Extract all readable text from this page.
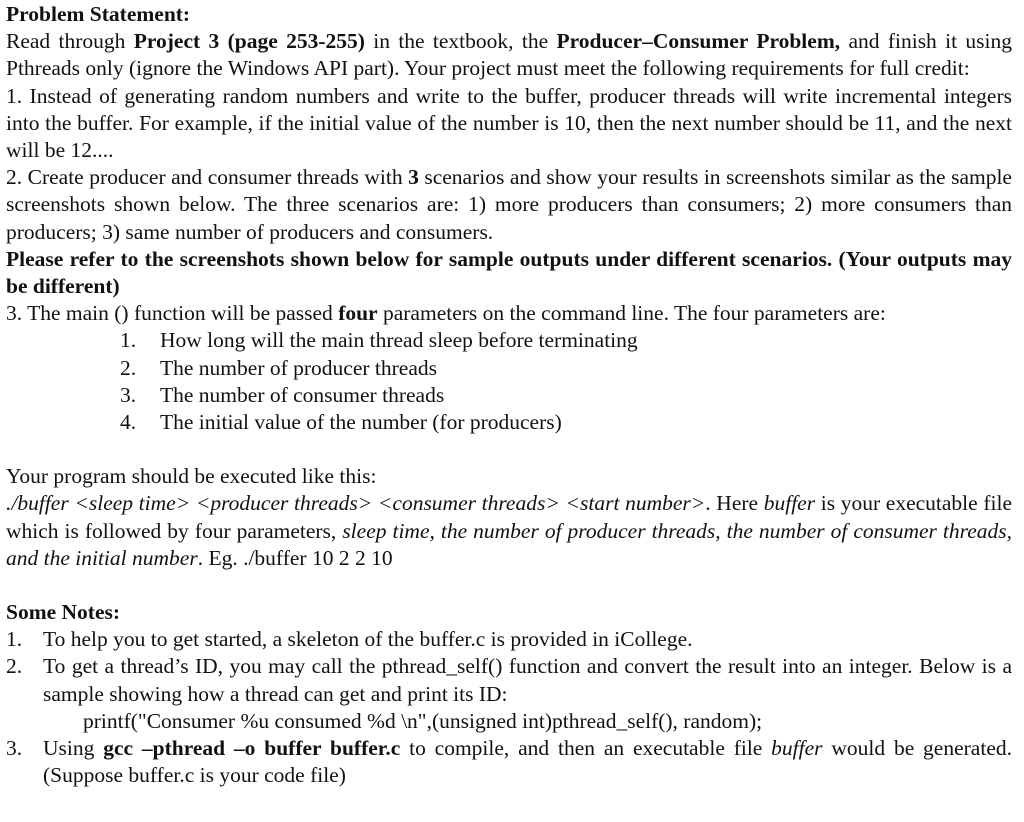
Problem Statement:
Read through Project 3 (page 253-255) in the textbook, the Producer–Consumer Problem, and finish it using Pthreads only (ignore the Windows API part). Your project must meet the following requirements for full credit:
1. Instead of generating random numbers and write to the buffer, producer threads will write incremental integers into the buffer. For example, if the initial value of the number is 10, then the next number should be 11, and the next will be 12....
2. Create producer and consumer threads with 3 scenarios and show your results in screenshots similar as the sample screenshots shown below. The three scenarios are: 1) more producers than consumers; 2) more consumers than producers; 3) same number of producers and consumers.
Please refer to the screenshots shown below for sample outputs under different scenarios. (Your outputs may be different)
3. The main () function will be passed four parameters on the command line. The four parameters are:
1.	How long will the main thread sleep before terminating
2.	The number of producer threads
3.	The number of consumer threads
4.	The initial value of the number (for producers)
Your program should be executed like this:
./buffer <sleep time> <producer threads> <consumer threads> <start number>. Here buffer is your executable file which is followed by four parameters, sleep time, the number of producer threads, the number of consumer threads, and the initial number. Eg. ./buffer 10 2 2 10
Some Notes:
1. To help you to get started, a skeleton of the buffer.c is provided in iCollege.
2. To get a thread’s ID, you may call the pthread_self() function and convert the result into an integer. Below is a sample showing how a thread can get and print its ID:
printf("Consumer %u consumed %d \n",(unsigned int)pthread_self(), random);
3. Using gcc –pthread –o buffer buffer.c to compile, and then an executable file buffer would be generated. (Suppose buffer.c is your code file)
